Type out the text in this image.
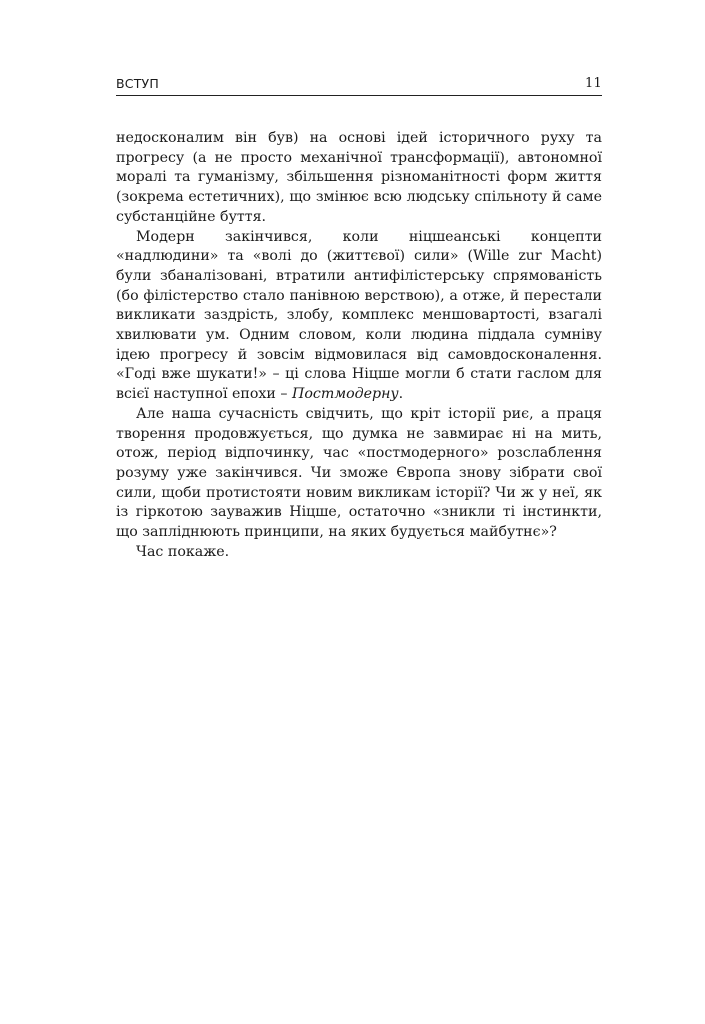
ВСТУП	11

недосконалим він був) на основі ідей історичного руху та прогресу (а не просто механічної трансформації), автономної моралі та гуманізму, збільшення різноманітності форм життя (зокрема естетичних), що змінює всю людську спільноту й саме субстанційне буття.

Модерн закінчився, коли ніцшеанські концепти «надлюдини» та «волі до (життєвої) сили» (Wille zur Macht) були збаналізовані, втратили антифілістерську спрямованість (бо філістерство стало панівною верствою), а отже, й перестали викликати заздрість, злобу, комплекс меншовартості, взагалі хвилювати ум. Одним словом, коли людина піддала сумніву ідею прогресу й зовсім відмовилася від самовдосконалення. «Годі вже шукати!» – ці слова Ніцше могли б стати гаслом для всієї наступної епохи – Постмодерну.

Але наша сучасність свідчить, що кріт історії риє, а праця творення продовжується, що думка не завмирає ні на мить, отож, період відпочинку, час «постмодерного» розслаблення розуму уже закінчився. Чи зможе Європа знову зібрати свої сили, щоби протистояти новим викликам історії? Чи ж у неї, як із гіркотою зауважив Ніцше, остаточно «зникли ті інстинкти, що запліднюють принципи, на яких будується майбутнє»?

Час покаже.
